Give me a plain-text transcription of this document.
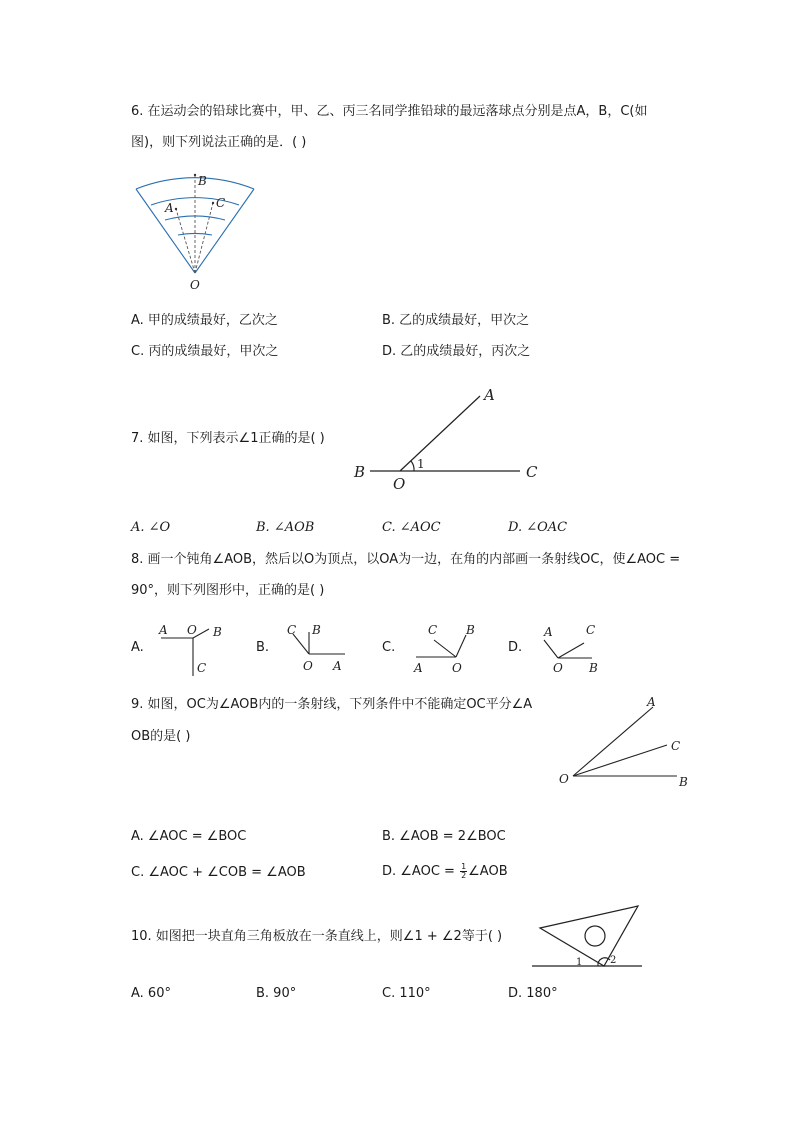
6. 在运动会的铅球比赛中，甲、乙、丙三名同学推铅球的最远落球点分别是点A，B，C(如
图)，则下列说法正确的是．( )
B
A	C
O
A. 甲的成绩最好，乙次之	B. 乙的成绩最好，甲次之
C. 丙的成绩最好，甲次之	D. 乙的成绩最好，丙次之
7. 如图，下列表示∠1正确的是( )
A
B	C
O
1
A. ∠O	B. ∠AOB	C. ∠AOC	D. ∠OAC
8. 画一个钝角∠AOB，然后以O为顶点，以OA为一边，在角的内部画一条射线OC，使∠AOC =
90°，则下列图形中，正确的是( )
A.
A O B
C
B.
C B
O A
C.
C B
A O
D.
A	C
O B
9. 如图，OC为∠AOB内的一条射线，下列条件中不能确定OC平分∠A
OB的是( )
A
C
O	B
A. ∠AOC = ∠BOC	B. ∠AOB = 2∠BOC
C. ∠AOC + ∠COB = ∠AOB	D. ∠AOC = $\frac{1}{2}$ ∠AOB
10. 如图把一块直角三角板放在一条直线上，则∠1 + ∠2等于( )
1	2
A. 60°	B. 90°	C. 110°	D. 180°
